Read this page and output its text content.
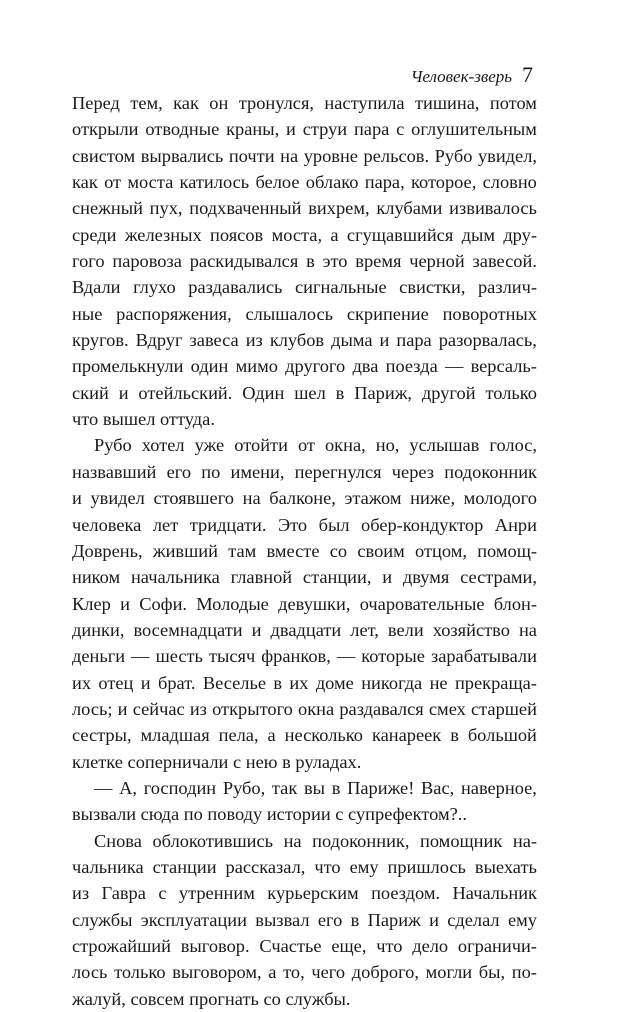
Человек-зверь 7
Перед тем, как он тронулся, наступила тишина, потом
открыли отводные краны, и струи пара с оглушительным
свистом вырвались почти на уровне рельсов. Рубо увидел,
как от моста катилось белое облако пара, которое, словно
снежный пух, подхваченный вихрем, клубами извивалось
среди железных поясов моста, а сгущавшийся дым дру-
гого паровоза раскидывался в это время черной завесой.
Вдали глухо раздавались сигнальные свистки, различ-
ные распоряжения, слышалось скрипение поворотных
кругов. Вдруг завеса из клубов дыма и пара разорвалась,
промелькнули один мимо другого два поезда — версаль-
ский и отейльский. Один шел в Париж, другой только
что вышел оттуда.
Рубо хотел уже отойти от окна, но, услышав голос,
назвавший его по имени, перегнулся через подоконник
и увидел стоявшего на балконе, этажом ниже, молодого
человека лет тридцати. Это был обер-кондуктор Анри
Доврень, живший там вместе со своим отцом, помощ-
ником начальника главной станции, и двумя сестрами,
Клер и Софи. Молодые девушки, очаровательные блон-
динки, восемнадцати и двадцати лет, вели хозяйство на
деньги — шесть тысяч франков, — которые зарабатывали
их отец и брат. Веселье в их доме никогда не прекраща-
лось; и сейчас из открытого окна раздавался смех старшей
сестры, младшая пела, а несколько канареек в большой
клетке соперничали с нею в руладах.
— А, господин Рубо, так вы в Париже! Вас, наверное,
вызвали сюда по поводу истории с супрефектом?..
Снова облокотившись на подоконник, помощник на-
чальника станции рассказал, что ему пришлось выехать
из Гавра с утренним курьерским поездом. Начальник
службы эксплуатации вызвал его в Париж и сделал ему
строжайший выговор. Счастье еще, что дело ограничи-
лось только выговором, а то, чего доброго, могли бы, по-
жалуй, совсем прогнать со службы.
